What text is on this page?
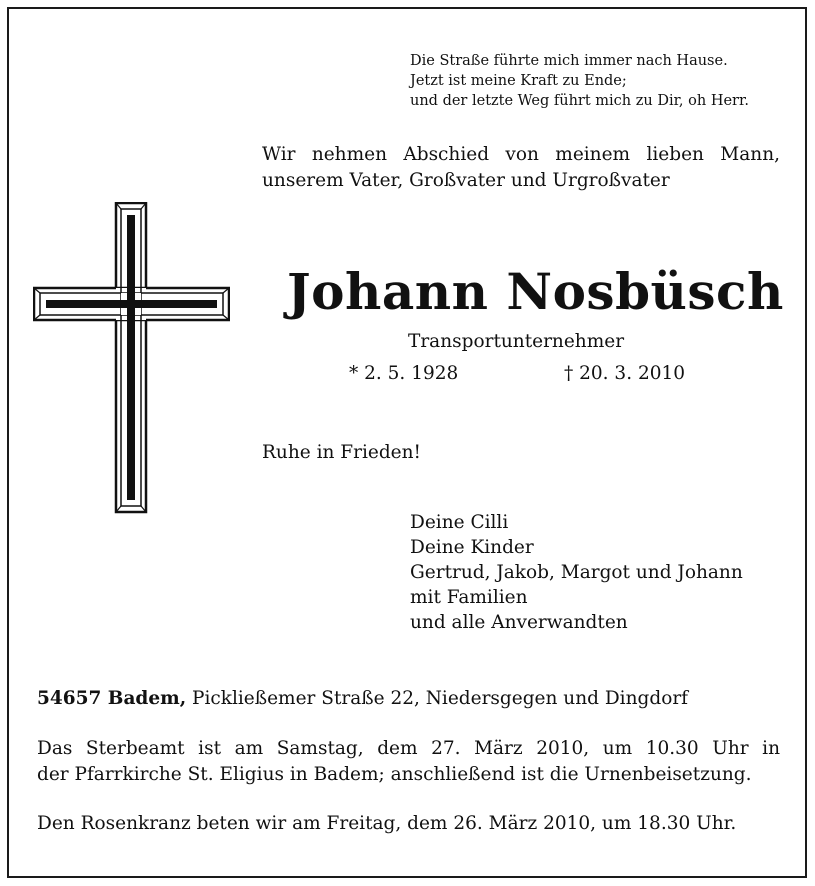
Die Straße führte mich immer nach Hause.
Jetzt ist meine Kraft zu Ende;
und der letzte Weg führt mich zu Dir, oh Herr.
Wir nehmen Abschied von meinem lieben Mann,
unserem Vater, Großvater und Urgroßvater
Johann Nosbüsch
Transportunternehmer
* 2. 5. 1928	† 20. 3. 2010
Ruhe in Frieden!
Deine Cilli
Deine Kinder
Gertrud, Jakob, Margot und Johann
mit Familien
und alle Anverwandten
54657 Badem, Pickließemer Straße 22, Niedersgegen und Dingdorf
Das Sterbeamt ist am Samstag, dem 27. März 2010, um 10.30 Uhr in
der Pfarrkirche St. Eligius in Badem; anschließend ist die Urnenbeisetzung.
Den Rosenkranz beten wir am Freitag, dem 26. März 2010, um 18.30 Uhr.
